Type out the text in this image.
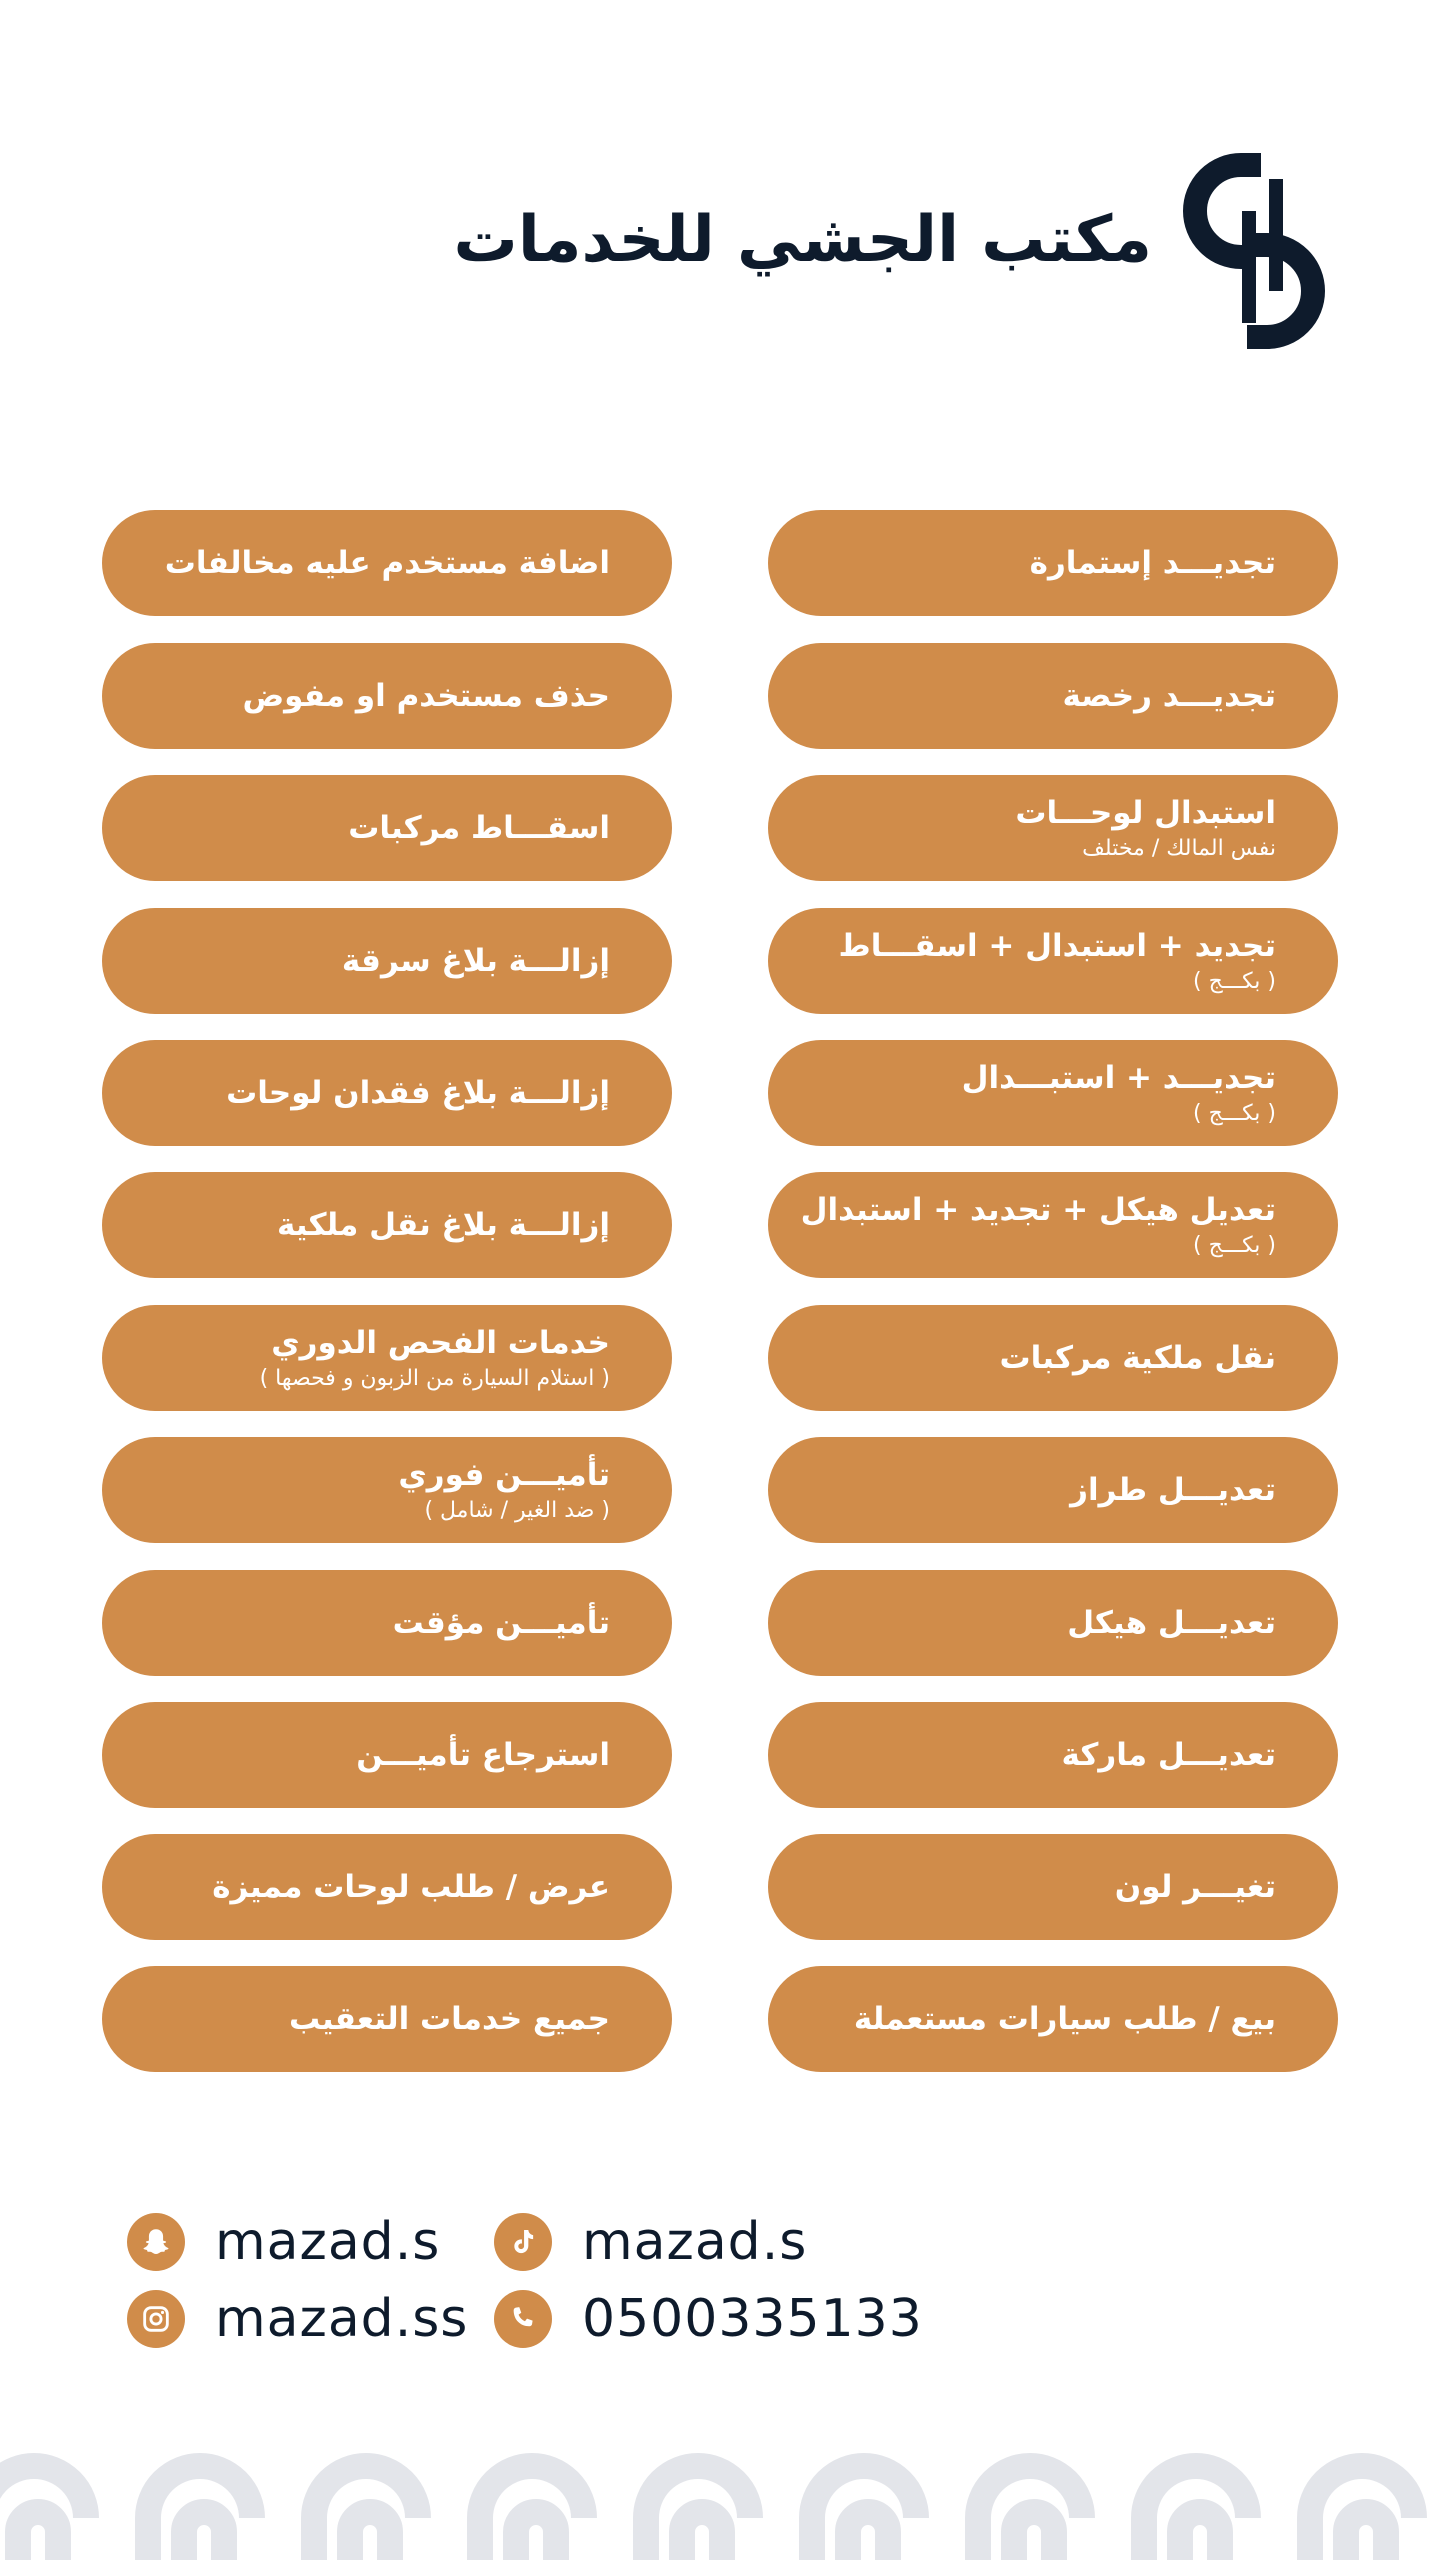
مكتب الجشي للخدمات
تجديـــد إستمارة
تجديـــد رخصة
استبدال لوحـــات
نفس المالك / مختلف
تجديد + استبدال + اسقـــاط
( بكـــج )
تجديـــد + استبـــدال
( بكـــج )
تعديل هيكل + تجديد + استبدال
( بكـــج )
نقل ملكية مركبات
تعديـــل طراز
تعديـــل هيكل
تعديـــل ماركة
تغيـــر لون
بيع / طلب سيارات مستعملة
اضافة مستخدم عليه مخالفات
حذف مستخدم او مفوض
اسقـــاط مركبات
إزالـــة بلاغ سرقة
إزالـــة بلاغ فقدان لوحات
إزالـــة بلاغ نقل ملكية
خدمات الفحص الدوري
( استلام السيارة من الزبون و فحصها )
تأميـــن فوري
( ضد الغير / شامل )
تأميـــن مؤقت
استرجاع تأميـــن
عرض / طلب لوحات مميزة
جميع خدمات التعقيب
mazad.s	mazad.s
mazad.ss 0500335133
